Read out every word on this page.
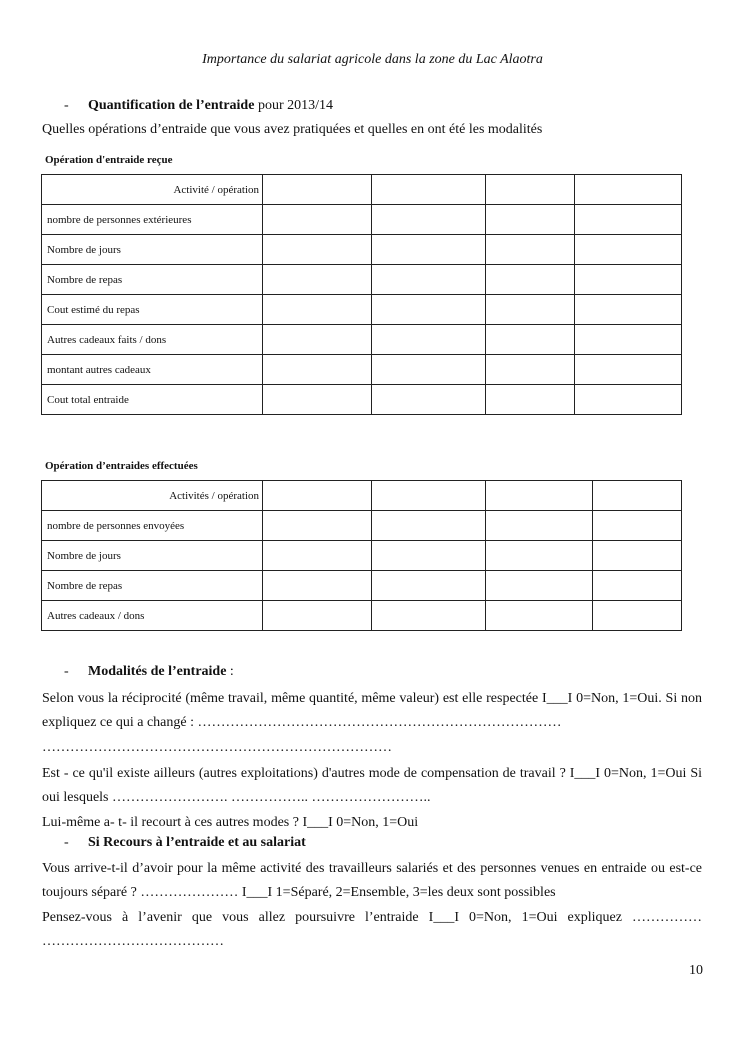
Importance du salariat agricole dans la zone du Lac Alaotra
- Quantification de l’entraide pour 2013/14
Quelles opérations d’entraide que vous avez pratiquées et quelles en ont été les modalités
Opération d'entraide reçue
Activité / opération				
nombre de personnes extérieures				
Nombre de jours				
Nombre de repas				
Cout estimé du repas				
Autres cadeaux faits / dons				
montant autres cadeaux				
Cout total entraide				
Opération d’entraides effectuées
Activités / opération				
nombre de personnes envoyées				
Nombre de jours				
Nombre de repas				
Autres cadeaux / dons				
- Modalités de l’entraide :
Selon vous la réciprocité (même travail, même quantité, même valeur) est elle respectée I___I 0=Non, 1=Oui. Si non expliquez ce qui a changé : ……………………………………………………………………
…………………………………………………………………
Est - ce qu'il existe ailleurs (autres exploitations) d'autres mode de compensation de travail ? I___I 0=Non, 1=Oui Si oui lesquels ……………………. …………….. ……………………..
Lui-même a- t- il recourt à ces autres modes ? I___I 0=Non, 1=Oui
- Si Recours à l’entraide et au salariat
Vous arrive-t-il d’avoir pour la même activité des travailleurs salariés et des personnes venues en entraide ou est-ce toujours séparé ? ………………… I___I 1=Séparé, 2=Ensemble, 3=les deux sont possibles
Pensez-vous à l’avenir que vous allez poursuivre l’entraide I___I 0=Non, 1=Oui expliquez …………… …………………………………
10
